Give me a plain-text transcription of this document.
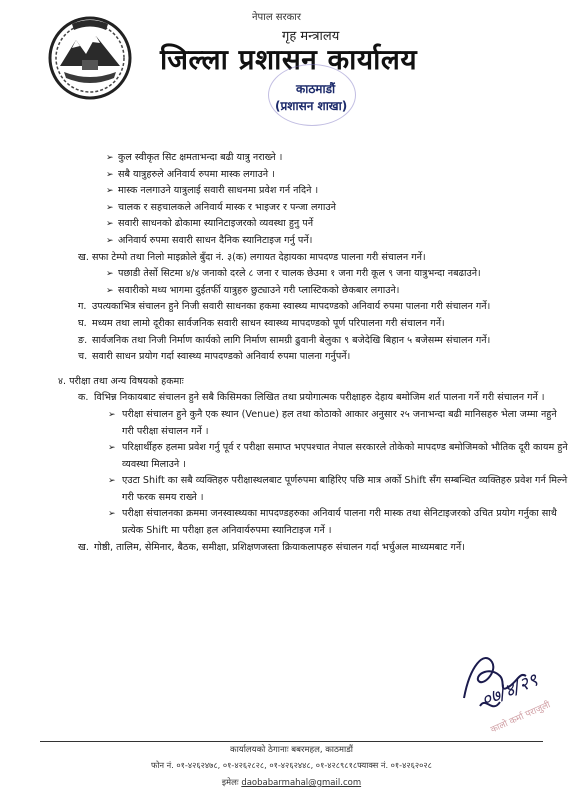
नेपाल सरकार
गृह मन्त्रालय
जिल्ला प्रशासन कार्यालय
काठमाडौं
(प्रशासन शाखा)

➢ कुल स्वीकृत सिट क्षमताभन्दा बढी यात्रु नराख्ने ।

➢ सबै यात्रुहरुले अनिवार्य रुपमा मास्क लगाउने ।

➢ मास्क नलगाउने यात्रुलाई सवारी साधनमा प्रवेश गर्न नदिने ।

➢ चालक र सहचालकले अनिवार्य मास्क र भाइजर र पन्जा लगाउने

➢ सवारी साधनको ढोकामा स्यानिटाइजरको व्यवस्था हुनु पर्ने

➢ अनिवार्य रुपमा सवारी साधन दैनिक स्यानिटाइज गर्नु पर्ने।

ख. सफा टेम्पो तथा निलो माइक्रोले बुँदा नं. ३(क) लगायत देहायका मापदण्ड पालना गरी संचालन गर्ने।

➢ पछाडी तेर्सो सिटमा ४/४ जनाको दरले ८ जना र चालक छेउमा १ जना गरी कूल ९ जना यात्रुभन्दा नबढाउने।

➢ सवारीको मध्य भागमा दुईतर्फी यात्रुहरु छुट्याउने गरी प्लास्टिकको छेकबार लगाउने।

ग. उपत्यकाभित्र संचालन हुने निजी सवारी साधनका हकमा स्वास्थ्य मापदण्डको अनिवार्य रुपमा पालना गरी संचालन गर्ने।

घ. मध्यम तथा लामो दूरीका सार्वजनिक सवारी साधन स्वास्थ्य मापदण्डको पूर्ण परिपालना गरी संचालन गर्ने।

ङ. सार्वजनिक तथा निजी निर्माण कार्यको लागि निर्माण सामग्री ढुवानी बेलुका ९ बजेदेखि बिहान ५ बजेसम्म संचालन गर्ने।

च. सवारी साधन प्रयोग गर्दा स्वास्थ्य मापदण्डको अनिवार्य रुपमा पालना गर्नुपर्ने।

४. परीक्षा तथा अन्य विषयको हकमाः

क. विभिन्न निकायबाट संचालन हुने सबै किसिमका लिखित तथा प्रयोगात्मक परीक्षाहरु देहाय बमोजिम शर्त पालना गर्ने गरी संचालन गर्ने ।

➢ परीक्षा संचालन हुने कुनै एक स्थान (Venue) हल तथा कोठाको आकार अनुसार २५ जनाभन्दा बढी मानिसहरु भेला जम्मा नहुने गरी परीक्षा संचालन गर्ने ।

➢ परिक्षार्थीहरु हलमा प्रवेश गर्नु पूर्व र परीक्षा समाप्त भएपश्चात नेपाल सरकारले तोकेको मापदण्ड बमोजिमको भौतिक दूरी कायम हुने व्यवस्था मिलाउने ।

➢ एउटा Shift का सबै व्यक्तिहरु परीक्षास्थलबाट पूर्णरुपमा बाहिरिए पछि मात्र अर्को Shift सँग सम्बन्धित व्यक्तिहरु प्रवेश गर्न मिल्ने गरी फरक समय राख्ने ।

➢ परीक्षा संचालनका क्रममा जनस्वास्थ्यका मापदण्डहरुका अनिवार्य पालना गरी मास्क तथा सेनिटाइजरको उचित प्रयोग गर्नुका साथै प्रत्येक Shift मा परीक्षा हल अनिवार्यरुपमा स्यानिटाइज गर्ने ।

ख. गोष्ठी, तालिम, सेमिनार, बैठक, समीक्षा, प्रशिक्षणजस्ता क्रियाकलापहरु संचालन गर्दा भर्चुअल माध्यमबाट गर्ने।

०७/४/२९
कालो कर्मा पराजुली
कार्यालयको ठेगानाः बबरमहल, काठमाडौं
फोन नं. ०१-४२६२४७८, ०१-४२६२८२८, ०१-४२६२४४८, ०१-४२८९८१८फ्याक्स नं. ०१-४२६२०२८
इमेलः daobabarmahal@gmail.com
